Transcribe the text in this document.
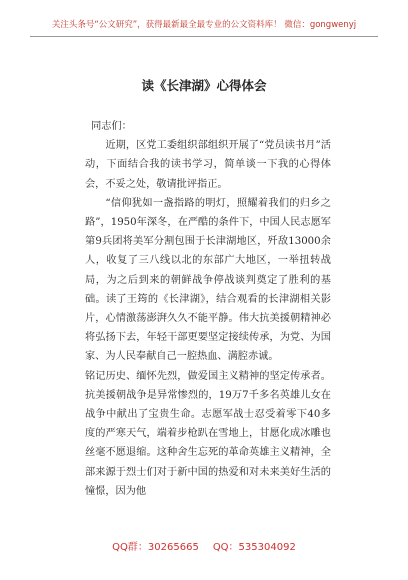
关注头条号“公文研究”，获得最新最全最专业的公文资料库！ 微信：gongwenyj
读《长津湖》心得体会

同志们：

近期，区党工委组织部组织开展了“党员读书月”活动，下面结合我的读书学习，简单谈一下我的心得体会，不妥之处，敬请批评指正。

“信仰犹如一盏指路的明灯，照耀着我们的归乡之路”，1950年深冬，在严酷的条件下，中国人民志愿军第9兵团将美军分割包围于长津湖地区，歼敌13000余人，收复了三八线以北的东部广大地区，一举扭转战局，为之后到来的朝鲜战争停战谈判奠定了胜利的基础。读了王筠的《长津湖》，结合观看的长津湖相关影片，心情激荡澎湃久久不能平静。伟大抗美援朝精神必将弘扬下去，年轻干部更要坚定接续传承，为党、为国家、为人民奉献自己一腔热血、满腔赤诚。

铭记历史、缅怀先烈，做爱国主义精神的坚定传承者。抗美援朝战争是异常惨烈的，19万7千多名英雄儿女在战争中献出了宝贵生命。志愿军战士忍受着零下40多度的严寒天气，端着步枪趴在雪地上，甘愿化成冰雕也丝毫不愿退缩。这种舍生忘死的革命英雄主义精神，全部来源于烈士们对于新中国的热爱和对未来美好生活的憧憬，因为他

QQ群：30265665 QQ：535304092
